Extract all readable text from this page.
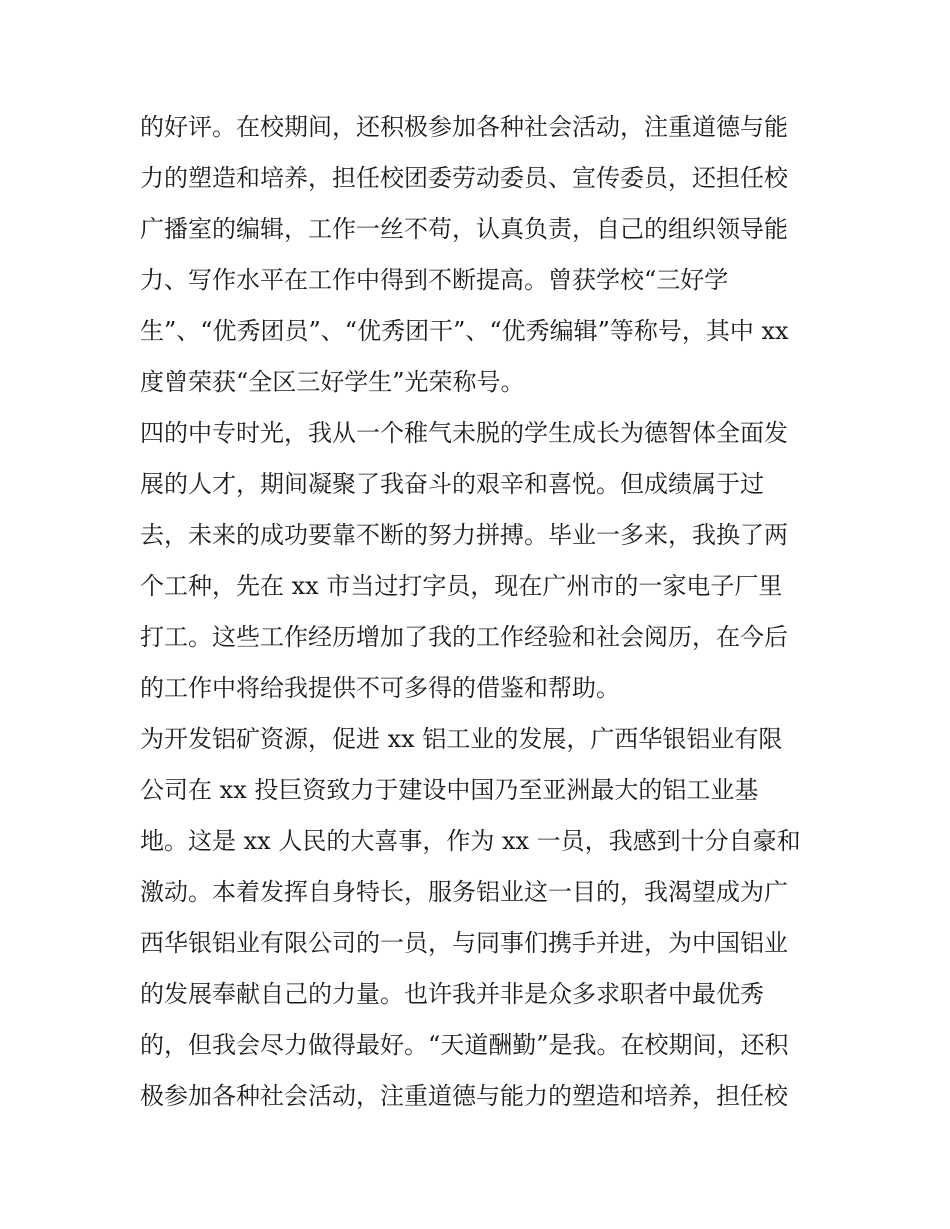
的好评。在校期间，还积极参加各种社会活动，注重道德与能
力的塑造和培养，担任校团委劳动委员、宣传委员，还担任校
广播室的编辑，工作一丝不苟，认真负责，自己的组织领导能
力、写作水平在工作中得到不断提高。曾获学校“三好学
生”、“优秀团员”、“优秀团干”、“优秀编辑”等称号，其中 xx
度曾荣获“全区三好学生”光荣称号。
四的中专时光，我从一个稚气未脱的学生成长为德智体全面发
展的人才，期间凝聚了我奋斗的艰辛和喜悦。但成绩属于过
去，未来的成功要靠不断的努力拼搏。毕业一多来，我换了两
个工种，先在 xx 市当过打字员，现在广州市的一家电子厂里
打工。这些工作经历增加了我的工作经验和社会阅历，在今后
的工作中将给我提供不可多得的借鉴和帮助。
为开发铝矿资源，促进 xx 铝工业的发展，广西华银铝业有限
公司在 xx 投巨资致力于建设中国乃至亚洲最大的铝工业基
地。这是 xx 人民的大喜事，作为 xx 一员，我感到十分自豪和
激动。本着发挥自身特长，服务铝业这一目的，我渴望成为广
西华银铝业有限公司的一员，与同事们携手并进，为中国铝业
的发展奉献自己的力量。也许我并非是众多求职者中最优秀
的，但我会尽力做得最好。“天道酬勤”是我。在校期间，还积
极参加各种社会活动，注重道德与能力的塑造和培养，担任校
